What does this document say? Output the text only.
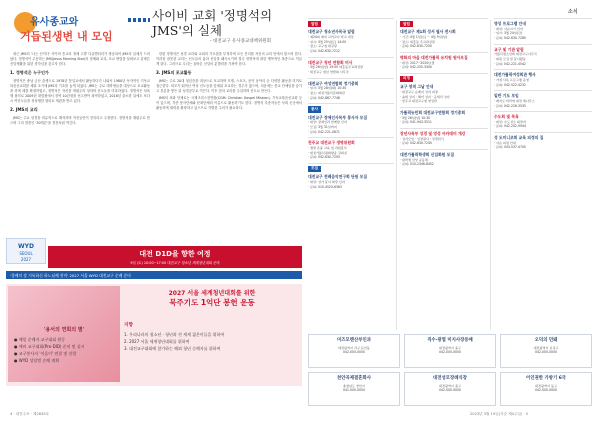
유사종교와
거듭된생변 내 모임
사이비 교회 '정명석의 JMS'의 실체
- 대전교구 유사종교대책위원회

최근 JMS의 '나는 신이다' 사이비 종교의 정체 고발 다큐멘터리가 방송되어 JMS의 실체가 드러났다. 정명석이 주동하는 JMS(Jesus Morning Star)의 정체와 교리, 포교 방법을 살펴보고 올바른 신앙생활을 위한 경각심을 갖고자 한다.

1. 정명석은 누구인가

정명석은 충남 금산 출생으로 1978년 통일교에서 활동하다가 나와서 1980년 독자적인 기독교복음선교회를 세워 초기에 JMS의 기초를 놓게 되었다. JMS는 주로 대학생들을 대상으로 포교활동을 하며 세를 확장하였고, 정명석은 자신을 재림주라 칭하며 신도들을 미혹하였다. 정명석은 성폭행 혐의로 2009년 대법원에서 징역 10년형을 선고받아 복역하였고, 2018년 출소한 뒤에도 또다시 여신도들을 성폭행한 혐의로 재판을 받고 있다.

2. JMS의 교리

JMS는 주요 성경을 비유적으로 해석하며 자신들만이 진리라고 주장한다. 정명석을 재림주로 믿으며 그의 말씀인 '30개론'을 경전처럼 여긴다.

한편 정명석은 성경 교리와 교회의 가르침을 부정하며 모든 진리를 자신의 교리 안에서 찾으려 한다. 이러한 잘못된 교리는 신도들의 삶과 신앙을 왜곡시키며 결국 정명석에 대한 맹목적인 복종으로 이끌게 된다. 그러므로 우리는 올바른 신앙의 분별력을 가져야 한다.

3. JMS의 포교활동

JMS는 주로 20대 청년층을 대상으로 포교하며 모델, 스포츠, 음악 동아리 등 다양한 활동을 미끼로 접근한다. 외모가 뛰어난 여성 신도들을 앞세워 포교하는 경우가 많으며, 처음에는 종교 단체임을 숨기고 친분을 쌓은 뒤 성경공부로 이끈다. 이후 점차 교리를 주입하며 신도로 만든다.

JMS의 외곽 단체로는 국제크리스천연합(CGM: Christian Gospel Mission), 기독교복음선교회 등이 있으며, 각종 봉사단체와 문화단체의 이름으로 활동하기도 한다. 정명석 추종자들은 사회 곳곳에서 활동하며 세력을 확장하고 있으므로 각별한 주의가 필요하다.

WYD
SEOUL
2027
대전 D1D을 향한 여정
9일 (토) 10:00~17:00 대전교구 청소년 세계청년대회 준비
'경배의 장 거룩하신 하느님께 찬미' 2027 서울 WYD 대전교구 순례 준비
'용서의 연회의 별'
2027 서울 세계청년대회를 위한
묵주기도 1억단 봉헌 운동
● 매일 순례자 교구대회 원동
● 예비 교구대회(Pre-DID) 준비 및 실시
● 교구봉사자 '이음이' 연결 및 선발
● WYD 성당별 순례 계획
지향
1. 우리나라의 청소년 · 청년과 전 세계 젊은이들을 위하여
2. 2027 서울 세계청년대회를 위하여
3. 대전교구대회에 참가하는 해외 청년 순례자를 위하여
4 · 대전주보 · 제2845호
소식
알림
대전교구 청소년사목국 알림
· 제24회 예비 교리교사 학교 개강
· 일시: 3월 25일(토) 14:00
· 장소: 교구청 대강당
· 문의: 042-630-7212
대전교구 청년 연합회 미사
· 3월 26일(일) 19:00 대흥동주교좌성당
· 대전교구 청년 연합회 사무국
대전교구 여성연합회 정기총회
· 일시: 3월 28일(화) 10:30
· 장소: 대전가톨릭문화회관
· 문의: 042-867-7748
봉사
대전교구 장애인사목부 봉사자 모집
· 대상: 장애인과 함께할 신자
· 모집: 3월 31일까지
· 문의: 042-221-0871
천주교 대전교구 생명위원회
· 생명 존중 교육 및 자원봉사
· 대전가톨릭평화방송 강의실
· 문의: 042-630-7293
모집
대전교구 전례음악연구회 단원 모집
· 대상: 성가 봉사 희망 신자
· 문의: 010-4520-6363
알림
대전교구 제1회 성서 필사 전시회
· 기간: 4월 1일(토) ~ 4월 9일(일)
· 장소: 대흥동 주교좌성당
· 문의: 042-630-7250
평화의 마을 대전가톨릭 유치원 원아모집
· 대상: 2017~2020년생
· 문의: 042-255-3300
피정
교구 영적 그날 안내
· 대전교구 순례지 성지 피정
· 솔뫼 성지 · 해미 성지 · 공세리 성지
· 천주교 대전교구청 영성관
가톨릭농민회 대전교구연합회 정기총회
· 3월 26일(일) 10:30
· 문의: 041-943-3511
장년사목부 성경 및 영성 아카데미 개강
· 성서모임 · 성경필사 · 성경읽기
· 문의: 042-630-7240
대전가톨릭학생회 신입회원 모집
· 대학생 신앙 공동체
· 문의: 010-2346-8452
영성 프로그램 안내
· 대상: 사순시기 신자
· 일시: 3월 24일(금)
· 문의: 042-630-7280
교구 및 기관 알림
가톨릭청소년회 대전교구사무국
· 회원 모집 및 봉사활동
· 문의: 042-221-4542
대전가톨릭여성회관 행사
· 가정 사목 프로그램 운영
· 문의: 042-522-4232
일반 기도 모임
· 레지오 마리애 대전 세나뚜스
· 문의: 042-226-3535
수도회 및 목욕
· 대상: 수도성소 희망자
· 문의: 042-252-9944
성 도미니코회 교육 피정의 집
· 사순 피정 안내
· 문의: 043-537-4700
미즈모렌산부인과
대전광역시 서구 둔산동
042-000-0000
직수·광열 미지사장동매
대전광역시 중구
042-000-0000
오덕의 민돼
대전광역시 유성구
042-000-0000
천안곡제결혼화사
충청남도 천안시
041-000-0000
대전성모장례식장
대전광역시 중구
042-000-0000
이인권한 가방기 6국
대전광역시 동구
042-000-0000
2023년 3월 19일(사순 제4주일) · 5
